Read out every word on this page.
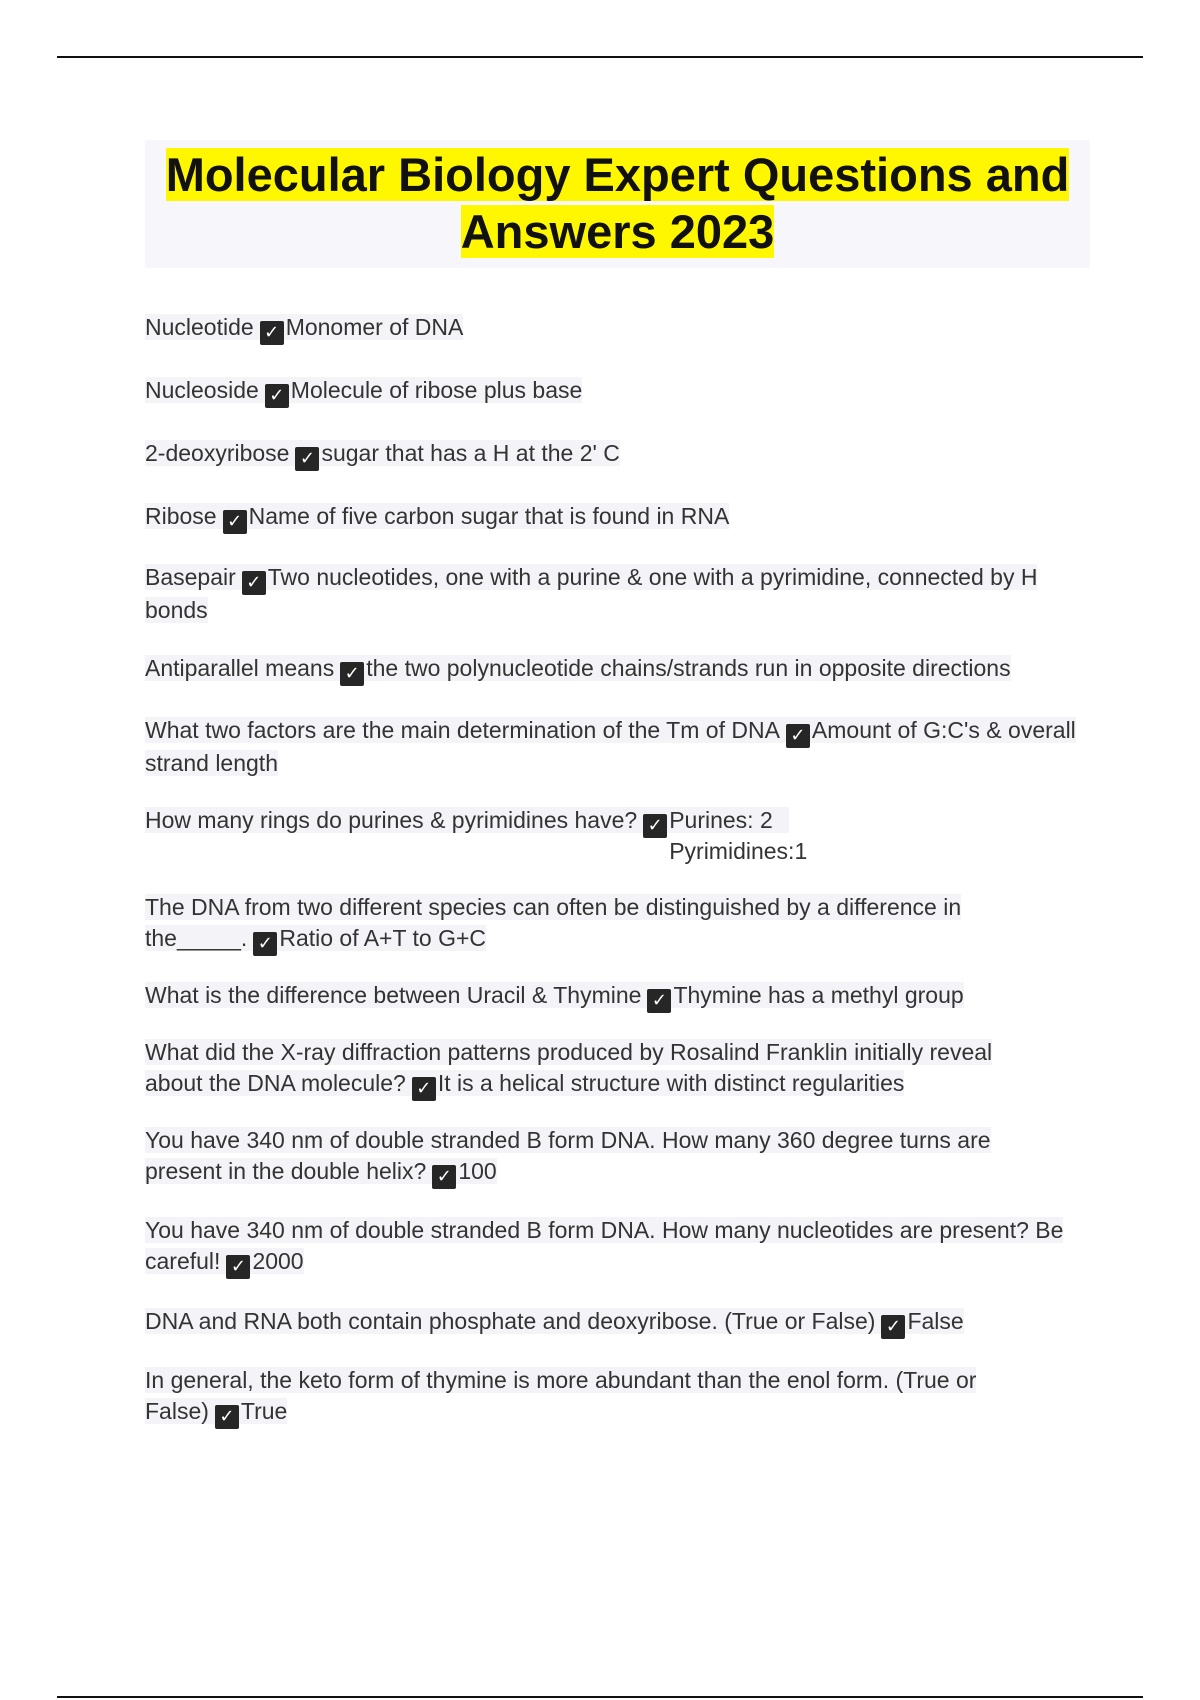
Molecular Biology Expert Questions and Answers 2023
Nucleotide ✓ Monomer of DNA
Nucleoside ✓ Molecule of ribose plus base
2-deoxyribose ✓ sugar that has a H at the 2' C
Ribose ✓ Name of five carbon sugar that is found in RNA
Basepair ✓ Two nucleotides, one with a purine & one with a pyrimidine, connected by H bonds
Antiparallel means ✓ the two polynucleotide chains/strands run in opposite directions
What two factors are the main determination of the Tm of DNA ✓ Amount of G:C's & overall strand length
How many rings do purines & pyrimidines have? ✓ Purines: 2 Pyrimidines:1
The DNA from two different species can often be distinguished by a difference in the_____. ✓ Ratio of A+T to G+C
What is the difference between Uracil & Thymine ✓ Thymine has a methyl group
What did the X-ray diffraction patterns produced by Rosalind Franklin initially reveal about the DNA molecule? ✓ It is a helical structure with distinct regularities
You have 340 nm of double stranded B form DNA. How many 360 degree turns are present in the double helix? ✓ 100
You have 340 nm of double stranded B form DNA. How many nucleotides are present? Be careful! ✓ 2000
DNA and RNA both contain phosphate and deoxyribose. (True or False) ✓ False
In general, the keto form of thymine is more abundant than the enol form. (True or False) ✓ True
